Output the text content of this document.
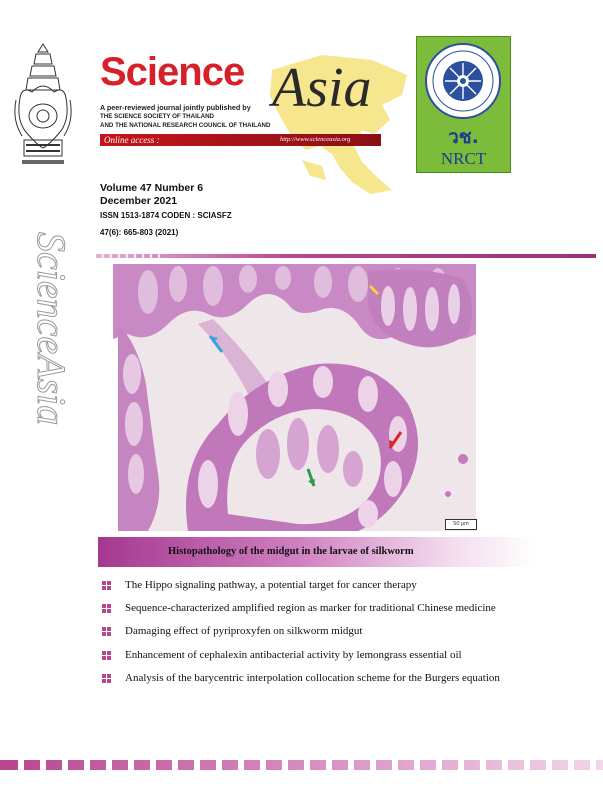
Science Asia
A peer-reviewed journal jointly published by
THE SCIENCE SOCIETY OF THAILAND
AND THE NATIONAL RESEARCH COUNCIL OF THAILAND
Online access :	http://www.scienceasia.org	วช.
NRCT
Volume 47 Number 6
December 2021
ISSN 1513-1874 CODEN : SCIASFZ
47(6): 665-803 (2021)
ScienceAsia
50 μm
Histopathology of the midgut in the larvae of silkworm
The Hippo signaling pathway, a potential target for cancer therapy
Sequence-characterized amplified region as marker for traditional Chinese medicine
Damaging effect of pyriproxyfen on silkworm midgut
Enhancement of cephalexin antibacterial activity by lemongrass essential oil
Analysis of the barycentric interpolation collocation scheme for the Burgers equation
